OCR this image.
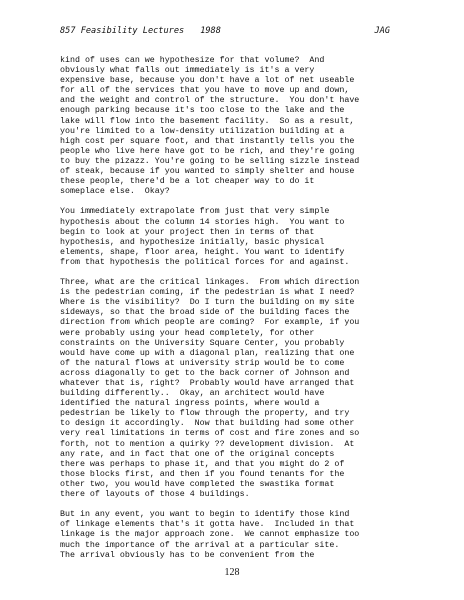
857 Feasibility Lectures 1988	JAG
kind of uses can we hypothesize for that volume?  And
obviously what falls out immediately is it's a very
expensive base, because you don't have a lot of net useable
for all of the services that you have to move up and down,
and the weight and control of the structure.  You don't have
enough parking because it's too close to the lake and the
lake will flow into the basement facility.  So as a result,
you're limited to a low-density utilization building at a
high cost per square foot, and that instantly tells you the
people who live here have got to be rich, and they're going
to buy the pizazz. You're going to be selling sizzle instead
of steak, because if you wanted to simply shelter and house
these people, there'd be a lot cheaper way to do it
someplace else.  Okay?
You immediately extrapolate from just that very simple
hypothesis about the column 14 stories high.  You want to
begin to look at your project then in terms of that
hypothesis, and hypothesize initially, basic physical
elements, shape, floor area, height. You want to identify
from that hypothesis the political forces for and against.
Three, what are the critical linkages.  From which direction
is the pedestrian coming, if the pedestrian is what I need?
Where is the visibility?  Do I turn the building on my site
sideways, so that the broad side of the building faces the
direction from which people are coming?  For example, if you
were probably using your head completely, for other
constraints on the University Square Center, you probably
would have come up with a diagonal plan, realizing that one
of the natural flows at university strip would be to come
across diagonally to get to the back corner of Johnson and
whatever that is, right?  Probably would have arranged that
building differently..  Okay, an architect would have
identified the natural ingress points, where would a
pedestrian be likely to flow through the property, and try
to design it accordingly.  Now that building had some other
very real limitations in terms of cost and fire zones and so
forth, not to mention a quirky ?? development division.  At
any rate, and in fact that one of the original concepts
there was perhaps to phase it, and that you might do 2 of
those blocks first, and then if you found tenants for the
other two, you would have completed the swastika format
there of layouts of those 4 buildings.
But in any event, you want to begin to identify those kind
of linkage elements that's it gotta have.  Included in that
linkage is the major approach zone.  We cannot emphasize too
much the importance of the arrival at a particular site.
The arrival obviously has to be convenient from the
128
